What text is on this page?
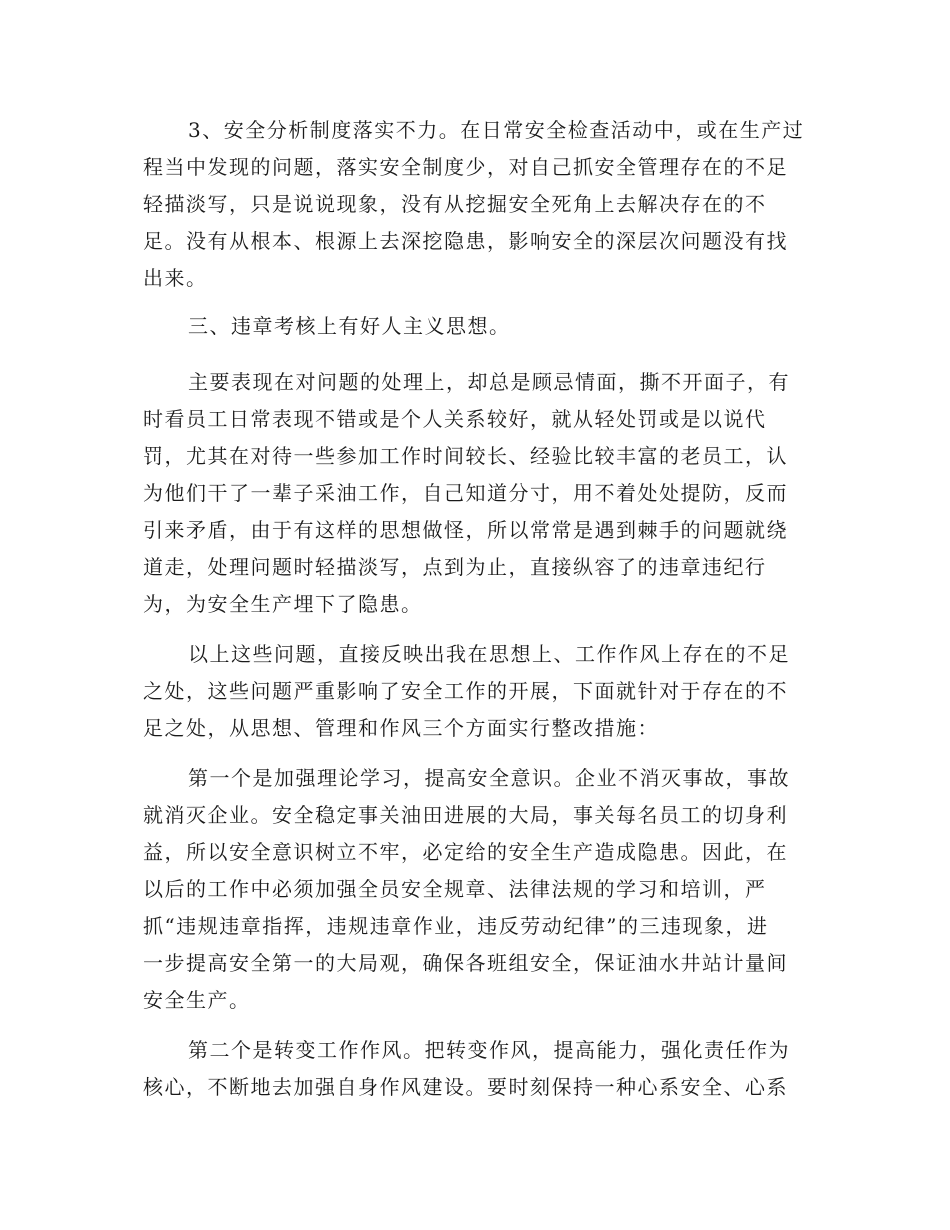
3、安全分析制度落实不力。在日常安全检查活动中，或在生产过
程当中发现的问题，落实安全制度少，对自己抓安全管理存在的不足
轻描淡写，只是说说现象，没有从挖掘安全死角上去解决存在的不
足。没有从根本、根源上去深挖隐患，影响安全的深层次问题没有找
出来。
三、违章考核上有好人主义思想。
主要表现在对问题的处理上，却总是顾忌情面，撕不开面子，有
时看员工日常表现不错或是个人关系较好，就从轻处罚或是以说代
罚，尤其在对待一些参加工作时间较长、经验比较丰富的老员工，认
为他们干了一辈子采油工作，自己知道分寸，用不着处处提防，反而
引来矛盾，由于有这样的思想做怪，所以常常是遇到棘手的问题就绕
道走，处理问题时轻描淡写，点到为止，直接纵容了的违章违纪行
为，为安全生产埋下了隐患。
以上这些问题，直接反映出我在思想上、工作作风上存在的不足
之处，这些问题严重影响了安全工作的开展，下面就针对于存在的不
足之处，从思想、管理和作风三个方面实行整改措施：
第一个是加强理论学习，提高安全意识。企业不消灭事故，事故
就消灭企业。安全稳定事关油田进展的大局，事关每名员工的切身利
益，所以安全意识树立不牢，必定给的安全生产造成隐患。因此，在
以后的工作中必须加强全员安全规章、法律法规的学习和培训，严
抓“违规违章指挥，违规违章作业，违反劳动纪律”的三违现象，进
一步提高安全第一的大局观，确保各班组安全，保证油水井站计量间
安全生产。
第二个是转变工作作风。把转变作风，提高能力，强化责任作为
核心，不断地去加强自身作风建设。要时刻保持一种心系安全、心系
